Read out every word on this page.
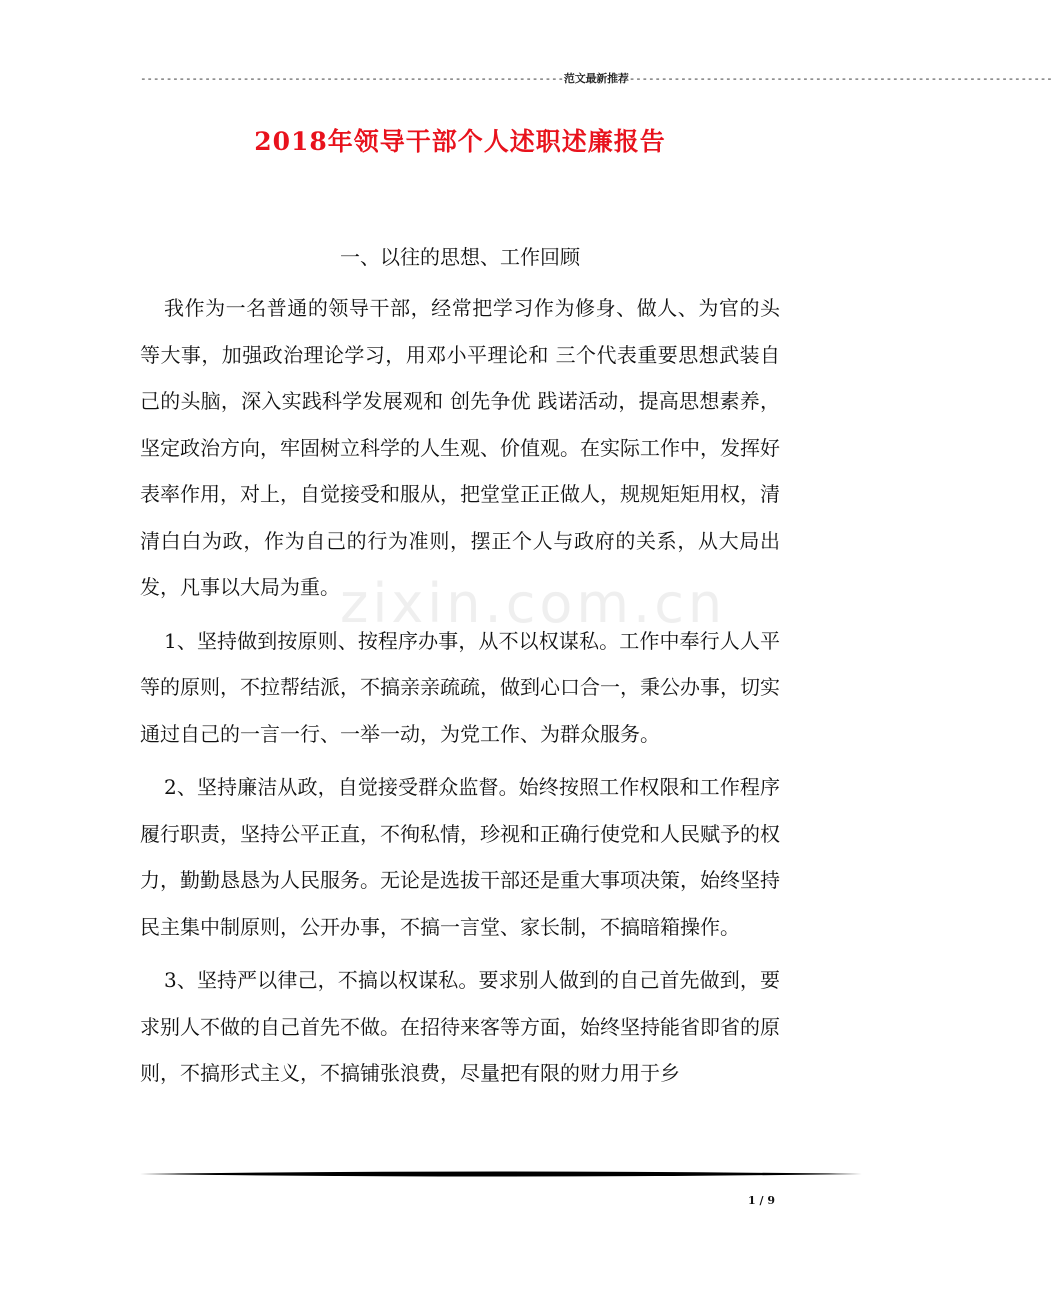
------------------------------------------------------------------范文最新推荐------------------------------------------------------------------
2018年领导干部个人述职述廉报告
一、以往的思想、工作回顾
zixin.com.cn

我作为一名普通的领导干部，经常把学习作为修身、做人、为官的头等大事，加强政治理论学习，用邓小平理论和 三个代表重要思想武装自己的头脑，深入实践科学发展观和 创先争优 践诺活动，提高思想素养，坚定政治方向，牢固树立科学的人生观、价值观。在实际工作中，发挥好表率作用，对上，自觉接受和服从，把堂堂正正做人，规规矩矩用权，清清白白为政，作为自己的行为准则，摆正个人与政府的关系，从大局出发，凡事以大局为重。

1、坚持做到按原则、按程序办事，从不以权谋私。工作中奉行人人平等的原则，不拉帮结派，不搞亲亲疏疏，做到心口合一，秉公办事，切实通过自己的一言一行、一举一动，为党工作、为群众服务。

2、坚持廉洁从政，自觉接受群众监督。始终按照工作权限和工作程序履行职责，坚持公平正直，不徇私情，珍视和正确行使党和人民赋予的权力，勤勤恳恳为人民服务。无论是选拔干部还是重大事项决策，始终坚持民主集中制原则，公开办事，不搞一言堂、家长制，不搞暗箱操作。

3、坚持严以律己，不搞以权谋私。要求别人做到的自己首先做到，要求别人不做的自己首先不做。在招待来客等方面，始终坚持能省即省的原则，不搞形式主义，不搞铺张浪费，尽量把有限的财力用于乡

1 / 9
